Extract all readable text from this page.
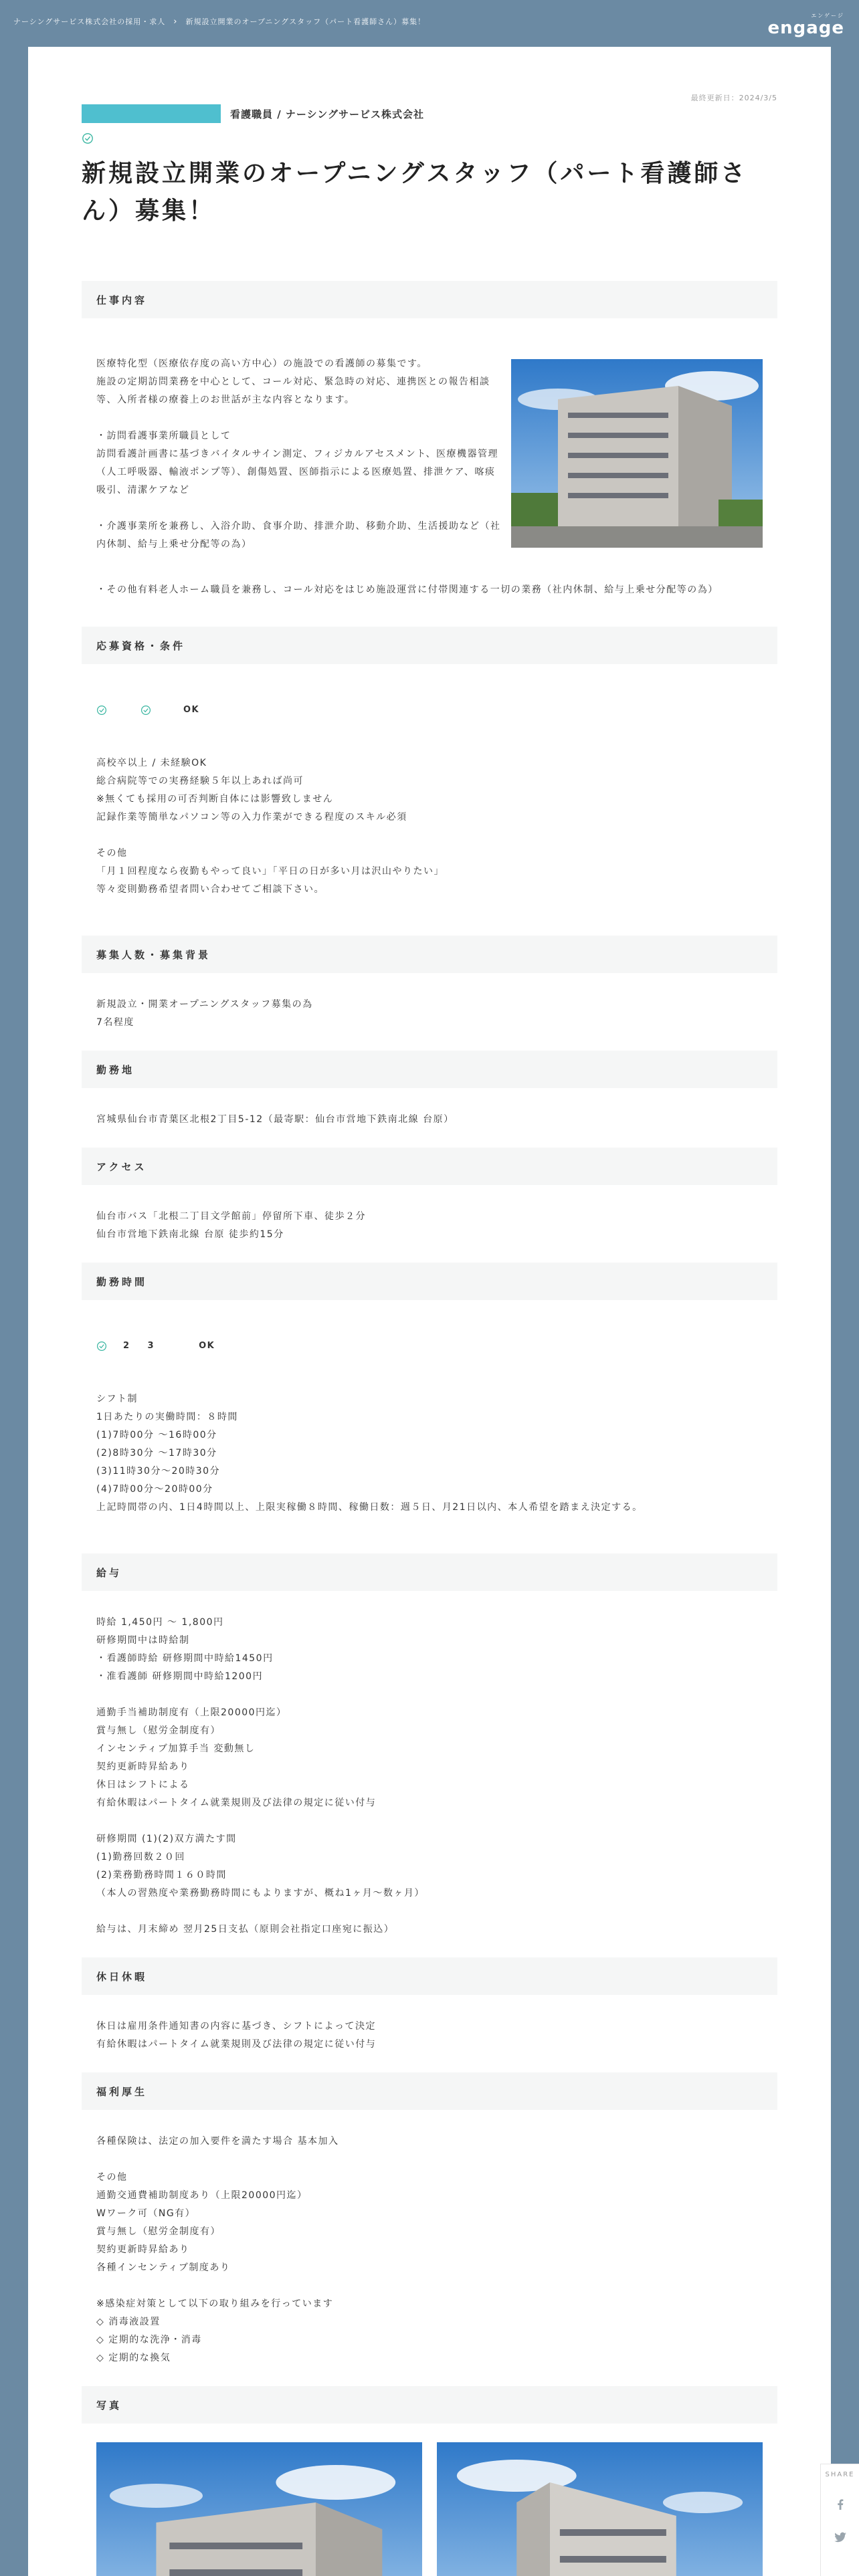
ナーシングサービス株式会社の採用・求人 › 新規設立開業のオープニングスタッフ（パート看護師さん）募集！
エンゲージ
engage
最終更新日：2024/3/5
看護職員 / ナーシングサービス株式会社
新規設立開業のオープニングスタッフ（パート看護師さん）募集！
仕事内容

医療特化型（医療依存度の高い方中心）の施設での看護師の募集です。
施設の定期訪問業務を中心として、コール対応、緊急時の対応、連携医との報告相談等、入所者様の療養上のお世話が主な内容となります。

・訪問看護事業所職員として
訪問看護計画書に基づきバイタルサイン測定、フィジカルアセスメント、医療機器管理（人工呼吸器、輸液ポンプ等）、創傷処置、医師指示による医療処置、排泄ケア、喀痰吸引、清潔ケアなど

・介護事業所を兼務し、入浴介助、食事介助、排泄介助、移動介助、生活援助など（社内休制、給与上乗せ分配等の為）

・その他有料老人ホーム職員を兼務し、コール対応をはじめ施設運営に付帯関連する一切の業務（社内休制、給与上乗せ分配等の為）

応募資格・条件

OK

高校卒以上 / 未経験OK
総合病院等での実務経験５年以上あれば尚可
※無くても採用の可否判断自体には影響致しません
記録作業等簡単なパソコン等の入力作業ができる程度のスキル必須

その他
「月１回程度なら夜勤もやって良い」「平日の日が多い月は沢山やりたい」
等々変則勤務希望者問い合わせてご相談下さい。

募集人数・募集背景
新規設立・開業オープニングスタッフ募集の為
7名程度
勤務地
宮城県仙台市青葉区北根2丁目5-12（最寄駅：仙台市営地下鉄南北線 台原）
アクセス
仙台市バス「北根二丁目文学館前」停留所下車、徒歩２分
仙台市営地下鉄南北線 台原 徒歩約15分
勤務時間

2 3	OK

シフト制
1日あたりの実働時間：８時間
(1)7時00分 〜16時00分
(2)8時30分 〜17時30分
(3)11時30分〜20時30分
(4)7時00分〜20時00分
上記時間帯の内、1日4時間以上、上限実稼働８時間、稼働日数：週５日、月21日以内、本人希望を踏まえ決定する。

給与
時給 1,450円 〜 1,800円
研修期間中は時給制
・看護師時給 研修期間中時給1450円
・准看護師 研修期間中時給1200円

通勤手当補助制度有（上限20000円迄）
賞与無し（慰労金制度有）
インセンティブ加算手当 変動無し
契約更新時昇給あり
休日はシフトによる
有給休暇はパートタイム就業規則及び法律の規定に従い付与

研修期間 (1)(2)双方満たす間
(1)勤務回数２０回
(2)業務勤務時間１６０時間
（本人の習熟度や業務勤務時間にもよりますが、概ね1ヶ月〜数ヶ月）

給与は、月末締め 翌月25日支払（原則会社指定口座宛に振込）
休日休暇
休日は雇用条件通知書の内容に基づき、シフトによって決定
有給休暇はパートタイム就業規則及び法律の規定に従い付与
福利厚生
各種保険は、法定の加入要件を満たす場合 基本加入

その他
通勤交通費補助制度あり（上限20000円迄）
Wワーク可（NG有）
賞与無し（慰労金制度有）
契約更新時昇給あり
各種インセンティブ制度あり

※感染症対策として以下の取り組みを行っています
◇ 消毒液設置
◇ 定期的な洗浄・消毒
◇ 定期的な換気
写真
SHARE
